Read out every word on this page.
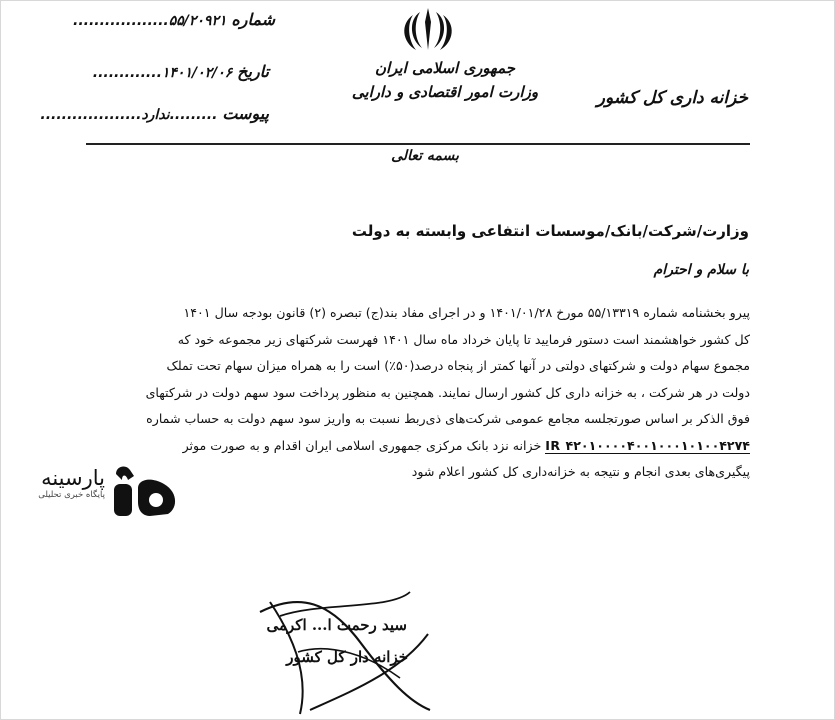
شماره ۵۵/۲۰۹۲۱..................
تاریخ ۱۴۰۱/۰۲/۰۶.............
پیوست .........ندارد...................
جمهوری اسلامی ایران
وزارت امور اقتصادی و دارایی	خزانه داری کل کشور
بسمه تعالی
وزارت/شرکت/بانک/موسسات انتفاعی وابسته به دولت
با سلام و احترام

پیرو بخشنامه شماره ۵۵/۱۳۳۱۹ مورخ ۱۴۰۱/۰۱/۲۸ و در اجرای مفاد بند(ج) تبصره (۲) قانون بودجه سال ۱۴۰۱

کل کشور خواهشمند است دستور فرمایید تا پایان خرداد ماه سال ۱۴۰۱ فهرست شرکتهای زیر مجموعه خود که

مجموع سهام دولت و شرکتهای دولتی در آنها کمتر از پنجاه درصد(۵۰٪) است را به همراه میزان سهام تحت تملک

دولت در هر شرکت ، به خزانه داری کل کشور ارسال نمایند. همچنین به منظور پرداخت سود سهم دولت در شرکتهای

فوق الذکر بر اساس صورتجلسه مجامع عمومی شرکت‌های ذی‌ربط نسبت به واریز سود سهم دولت به حساب شماره

IR ۴۲۰۱۰۰۰۰۴۰۰۱۰۰۰۱۰۱۰۰۴۲۷۴ خزانه نزد بانک مرکزی جمهوری اسلامی ایران اقدام و به صورت موثر

پیگیری‌های بعدی انجام و نتیجه به خزانه‌داری کل کشور اعلام شود

سید رحمت ا... اکرمی
خزانه دار کل کشور
پارسینه
پایگاه خبری تحلیلی
